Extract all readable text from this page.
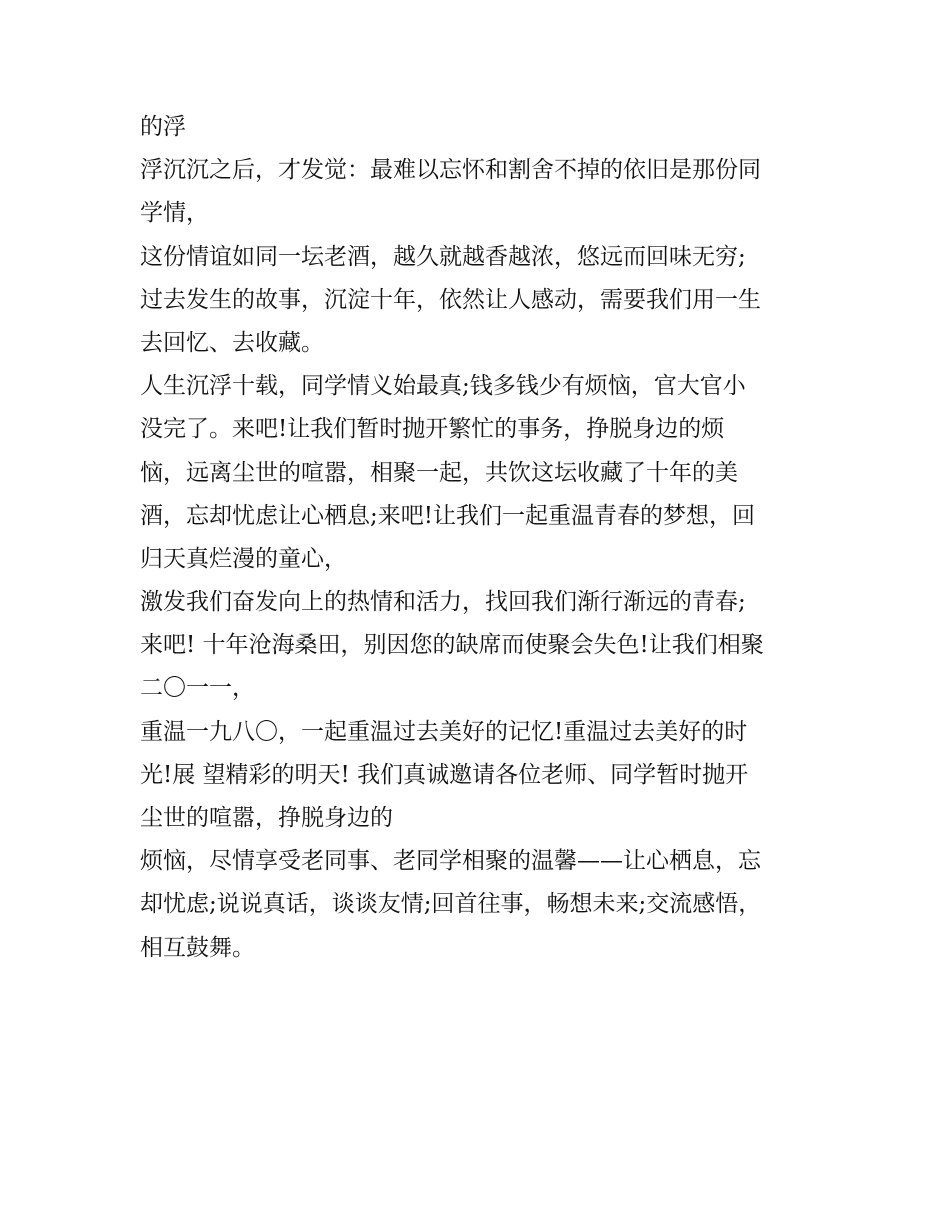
的浮
浮沉沉之后，才发觉：最难以忘怀和割舍不掉的依旧是那份同
学情，
这份情谊如同一坛老酒，越久就越香越浓，悠远而回味无穷;
过去发生的故事，沉淀十年，依然让人感动，需要我们用一生
去回忆、去收藏。
人生沉浮十载，同学情义始最真;钱多钱少有烦恼，官大官小
没完了。来吧!让我们暂时抛开繁忙的事务，挣脱身边的烦
恼，远离尘世的喧嚣，相聚一起，共饮这坛收藏了十年的美
酒，忘却忧虑让心栖息;来吧!让我们一起重温青春的梦想，回
归天真烂漫的童心，
激发我们奋发向上的热情和活力，找回我们渐行渐远的青春;
来吧! 十年沧海桑田，别因您的缺席而使聚会失色!让我们相聚
二〇一一，
重温一九八〇，一起重温过去美好的记忆!重温过去美好的时
光!展 望精彩的明天! 我们真诚邀请各位老师、同学暂时抛开
尘世的喧嚣，挣脱身边的
烦恼，尽情享受老同事、老同学相聚的温馨——让心栖息，忘
却忧虑;说说真话，谈谈友情;回首往事，畅想未来;交流感悟，
相互鼓舞。
